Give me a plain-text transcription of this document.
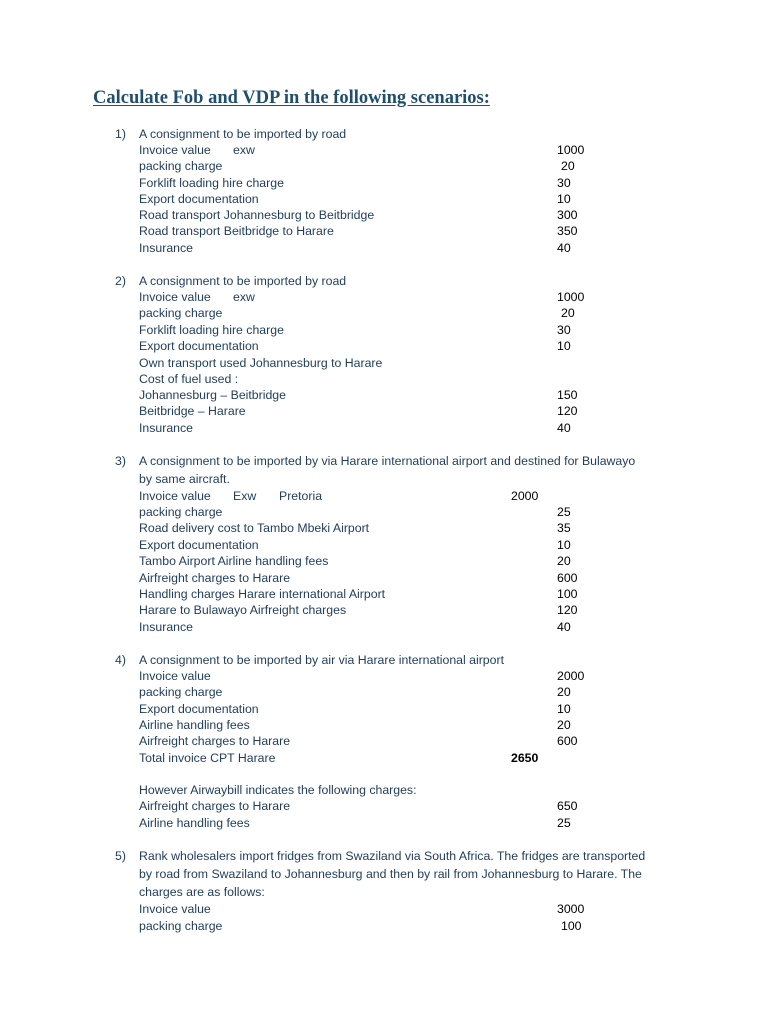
Calculate Fob and VDP in the following scenarios:
1) A consignment to be imported by road
Invoice value exw	1000
packing charge	20
Forklift loading hire charge	30
Export documentation	10
Road transport Johannesburg to Beitbridge	300
Road transport Beitbridge to Harare	350
Insurance	40
2) A consignment to be imported by road
Invoice value exw	1000
packing charge	20
Forklift loading hire charge	30
Export documentation	10
Own transport used Johannesburg to Harare
Cost of fuel used :
Johannesburg – Beitbridge	150
Beitbridge – Harare	120
Insurance	40
3) A consignment to be imported by via Harare international airport and destined for Bulawayo
by same aircraft.
Invoice value Exw Pretoria	2000
packing charge	25
Road delivery cost to Tambo Mbeki Airport	35
Export documentation	10
Tambo Airport Airline handling fees	20
Airfreight charges to Harare	600
Handling charges Harare international Airport	100
Harare to Bulawayo Airfreight charges	120
Insurance	40
4) A consignment to be imported by air via Harare international airport
Invoice value	2000
packing charge	20
Export documentation	10
Airline handling fees	20
Airfreight charges to Harare	600
Total invoice CPT Harare	2650
However Airwaybill indicates the following charges:
Airfreight charges to Harare	650
Airline handling fees	25
5) Rank wholesalers import fridges from Swaziland via South Africa. The fridges are transported
by road from Swaziland to Johannesburg and then by rail from Johannesburg to Harare. The
charges are as follows:
Invoice value	3000
packing charge	100
